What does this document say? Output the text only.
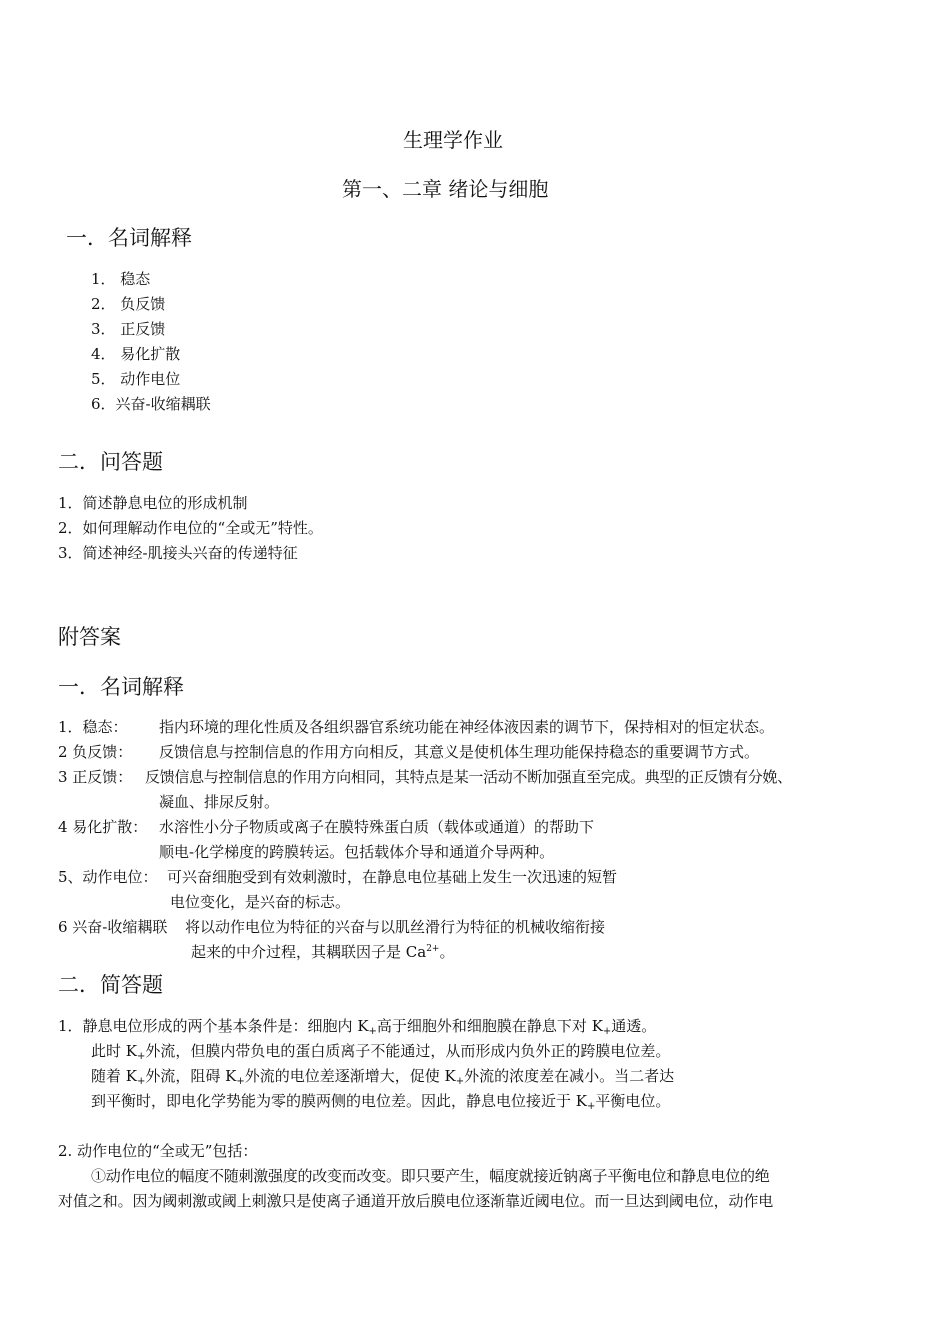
生理学作业
第一、二章 绪论与细胞
一．名词解释
1． 稳态
2． 负反馈
3． 正反馈
4． 易化扩散
5． 动作电位
6．兴奋-收缩耦联
二．问答题
1．简述静息电位的形成机制
2．如何理解动作电位的“全或无”特性。
3．简述神经-肌接头兴奋的传递特征
附答案
一．名词解释
1．稳态： 指内环境的理化性质及各组织器官系统功能在神经体液因素的调节下，保持相对的恒定状态。
2 负反馈： 反馈信息与控制信息的作用方向相反，其意义是使机体生理功能保持稳态的重要调节方式。
3 正反馈： 反馈信息与控制信息的作用方向相同，其特点是某一活动不断加强直至完成。典型的正反馈有分娩、
凝血、排尿反射。
4 易化扩散： 水溶性小分子物质或离子在膜特殊蛋白质（载体或通道）的帮助下
顺电-化学梯度的跨膜转运。包括载体介导和通道介导两种。
5、动作电位： 可兴奋细胞受到有效刺激时，在静息电位基础上发生一次迅速的短暂
电位变化，是兴奋的标志。
6 兴奋-收缩耦联 将以动作电位为特征的兴奋与以肌丝滑行为特征的机械收缩衔接
起来的中介过程，其耦联因子是 $Ca^{2+}$。
二．简答题
1．静息电位形成的两个基本条件是：细胞内 $K_+$高于细胞外和细胞膜在静息下对 $K_+$通透。
此时 $K_+$外流，但膜内带负电的蛋白质离子不能通过，从而形成内负外正的跨膜电位差。
随着 $K_+$外流，阻碍 $K_+$外流的电位差逐渐增大，促使 $K_+$外流的浓度差在减小。当二者达
到平衡时，即电化学势能为零的膜两侧的电位差。因此，静息电位接近于 $K_+$平衡电位。
2. 动作电位的“全或无”包括：
①动作电位的幅度不随刺激强度的改变而改变。即只要产生，幅度就接近钠离子平衡电位和静息电位的绝
对值之和。因为阈刺激或阈上刺激只是使离子通道开放后膜电位逐渐靠近阈电位。而一旦达到阈电位，动作电
